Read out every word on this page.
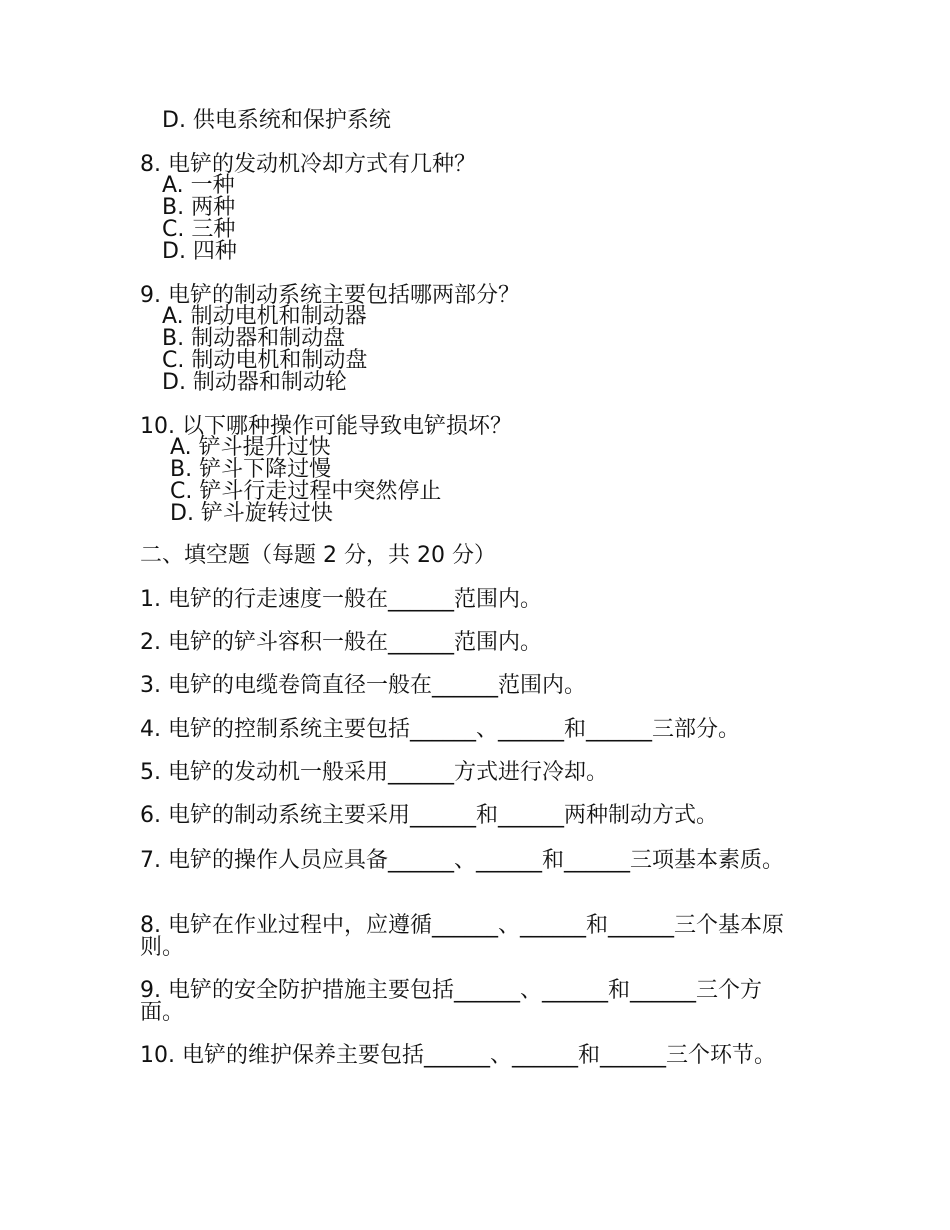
D. 供电系统和保护系统
8. 电铲的发动机冷却方式有几种？
A. 一种
B. 两种
C. 三种
D. 四种
9. 电铲的制动系统主要包括哪两部分？
A. 制动电机和制动器
B. 制动器和制动盘
C. 制动电机和制动盘
D. 制动器和制动轮
10. 以下哪种操作可能导致电铲损坏？
A. 铲斗提升过快
B. 铲斗下降过慢
C. 铲斗行走过程中突然停止
D. 铲斗旋转过快
二、填空题（每题 2 分，共 20 分）
1. 电铲的行走速度一般在______范围内。
2. 电铲的铲斗容积一般在______范围内。
3. 电铲的电缆卷筒直径一般在______范围内。
4. 电铲的控制系统主要包括______、______和______三部分。
5. 电铲的发动机一般采用______方式进行冷却。
6. 电铲的制动系统主要采用______和______两种制动方式。
7. 电铲的操作人员应具备______、______和______三项基本素质。
8. 电铲在作业过程中，应遵循______、______和______三个基本原则。
9. 电铲的安全防护措施主要包括______、______和______三个方面。
10. 电铲的维护保养主要包括______、______和______三个环节。
